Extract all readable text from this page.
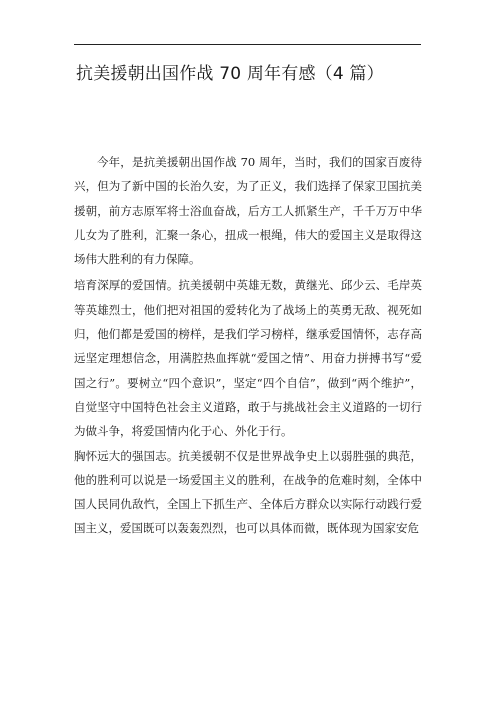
抗美援朝出国作战 70 周年有感（4 篇）

今年，是抗美援朝出国作战 70 周年，当时，我们的国家百废待兴，但为了新中国的长治久安，为了正义，我们选择了保家卫国抗美援朝，前方志原军将士浴血奋战，后方工人抓紧生产，千千万万中华儿女为了胜利，汇聚一条心，扭成一根绳，伟大的爱国主义是取得这场伟大胜利的有力保障。

培育深厚的爱国情。抗美援朝中英雄无数，黄继光、邱少云、毛岸英等英雄烈士，他们把对祖国的爱转化为了战场上的英勇无敌、视死如归，他们都是爱国的榜样，是我们学习榜样，继承爱国情怀，志存高远坚定理想信念，用满腔热血挥就“爱国之情”、用奋力拼搏书写“爱国之行”。要树立“四个意识”，坚定“四个自信”，做到“两个维护”，自觉坚守中国特色社会主义道路，敢于与挑战社会主义道路的一切行为做斗争，将爱国情内化于心、外化于行。

胸怀远大的强国志。抗美援朝不仅是世界战争史上以弱胜强的典范，他的胜利可以说是一场爱国主义的胜利，在战争的危难时刻，全体中国人民同仇敌忾，全国上下抓生产、全体后方群众以实际行动践行爱国主义，爱国既可以轰轰烈烈，也可以具体而微，既体现为国家安危
